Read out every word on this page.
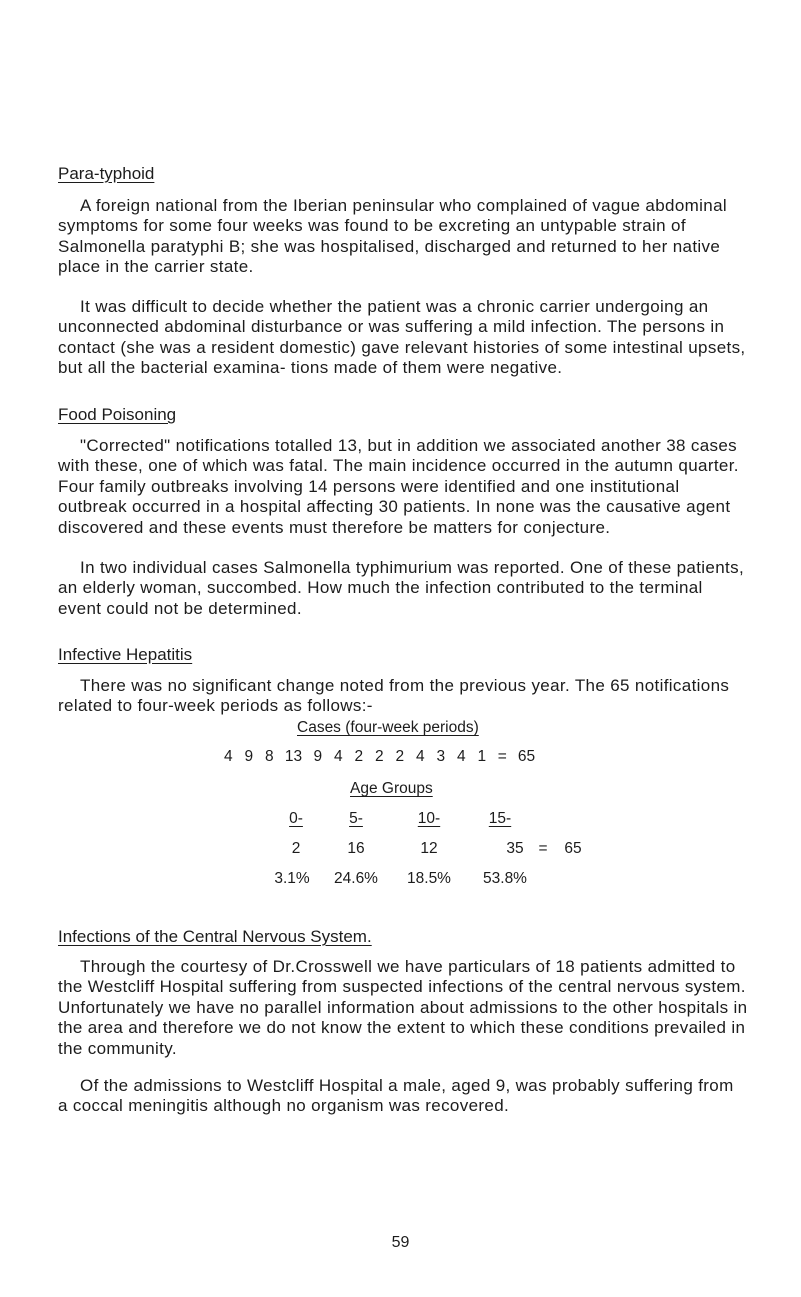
Para-typhoid

A foreign national from the Iberian peninsular who complained of vague abdominal symptoms for some four weeks was found to be excreting an untypable strain of Salmonella paratyphi B; she was hospitalised, discharged and returned to her native place in the carrier state.

It was difficult to decide whether the patient was a chronic carrier undergoing an unconnected abdominal disturbance or was suffering a mild infection. The persons in contact (she was a resident domestic) gave relevant histories of some intestinal upsets, but all the bacterial examina- tions made of them were negative.

Food Poisoning

"Corrected" notifications totalled 13, but in addition we associated another 38 cases with these, one of which was fatal. The main incidence occurred in the autumn quarter. Four family outbreaks involving 14 persons were identified and one institutional outbreak occurred in a hospital affecting 30 patients. In none was the causative agent discovered and these events must therefore be matters for conjecture.

In two individual cases Salmonella typhimurium was reported. One of these patients, an elderly woman, succombed. How much the infection contributed to the terminal event could not be determined.

Infective Hepatitis

There was no significant change noted from the previous year. The 65 notifications related to four-week periods as follows:-

Cases (four-week periods)
4 9 8 13 9 4 2 2 2 4 3 4 1 = 65
Age Groups
0-	5-	10-	15-
2	16	12	35 =	65
3.1%	24.6%	18.5%	53.8%
Infections of the Central Nervous System.

Through the courtesy of Dr.Crosswell we have particulars of 18 patients admitted to the Westcliff Hospital suffering from suspected infections of the central nervous system. Unfortunately we have no parallel information about admissions to the other hospitals in the area and therefore we do not know the extent to which these conditions prevailed in the community.

Of the admissions to Westcliff Hospital a male, aged 9, was probably suffering from a coccal meningitis although no organism was recovered.

59
